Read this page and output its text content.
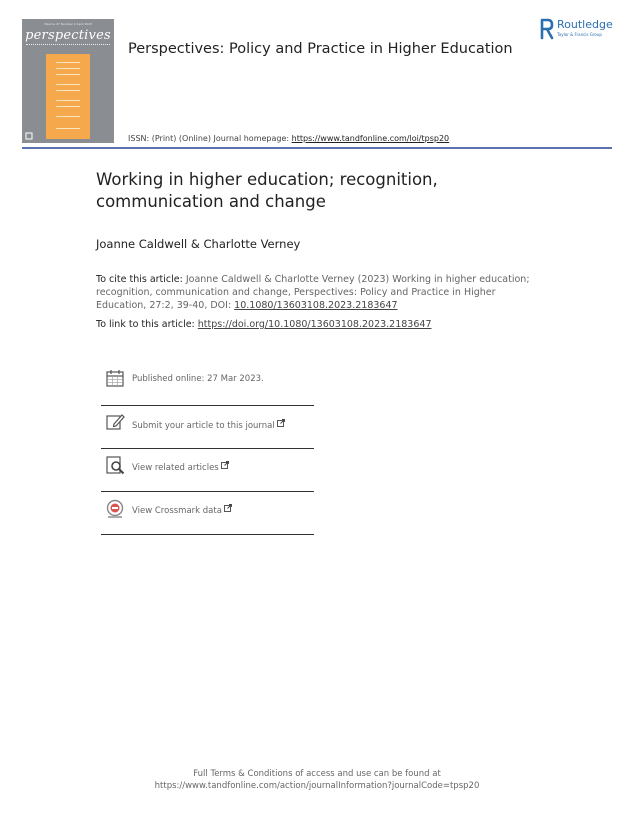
Volume 27 Number 2 April 2023
perspectives
Routledge
Taylor & Francis Group
Perspectives: Policy and Practice in Higher Education
ISSN: (Print) (Online) Journal homepage: https://www.tandfonline.com/loi/tpsp20
Working in higher education; recognition, communication and change
Joanne Caldwell & Charlotte Verney
To cite this article: Joanne Caldwell & Charlotte Verney (2023) Working in higher education; recognition, communication and change, Perspectives: Policy and Practice in Higher Education, 27:2, 39-40, DOI: 10.1080/13603108.2023.2183647
To link to this article: https://doi.org/10.1080/13603108.2023.2183647
Published online: 27 Mar 2023.
Submit your article to this journal
View related articles
View Crossmark data
Full Terms & Conditions of access and use can be found at
https://www.tandfonline.com/action/journalInformation?journalCode=tpsp20
